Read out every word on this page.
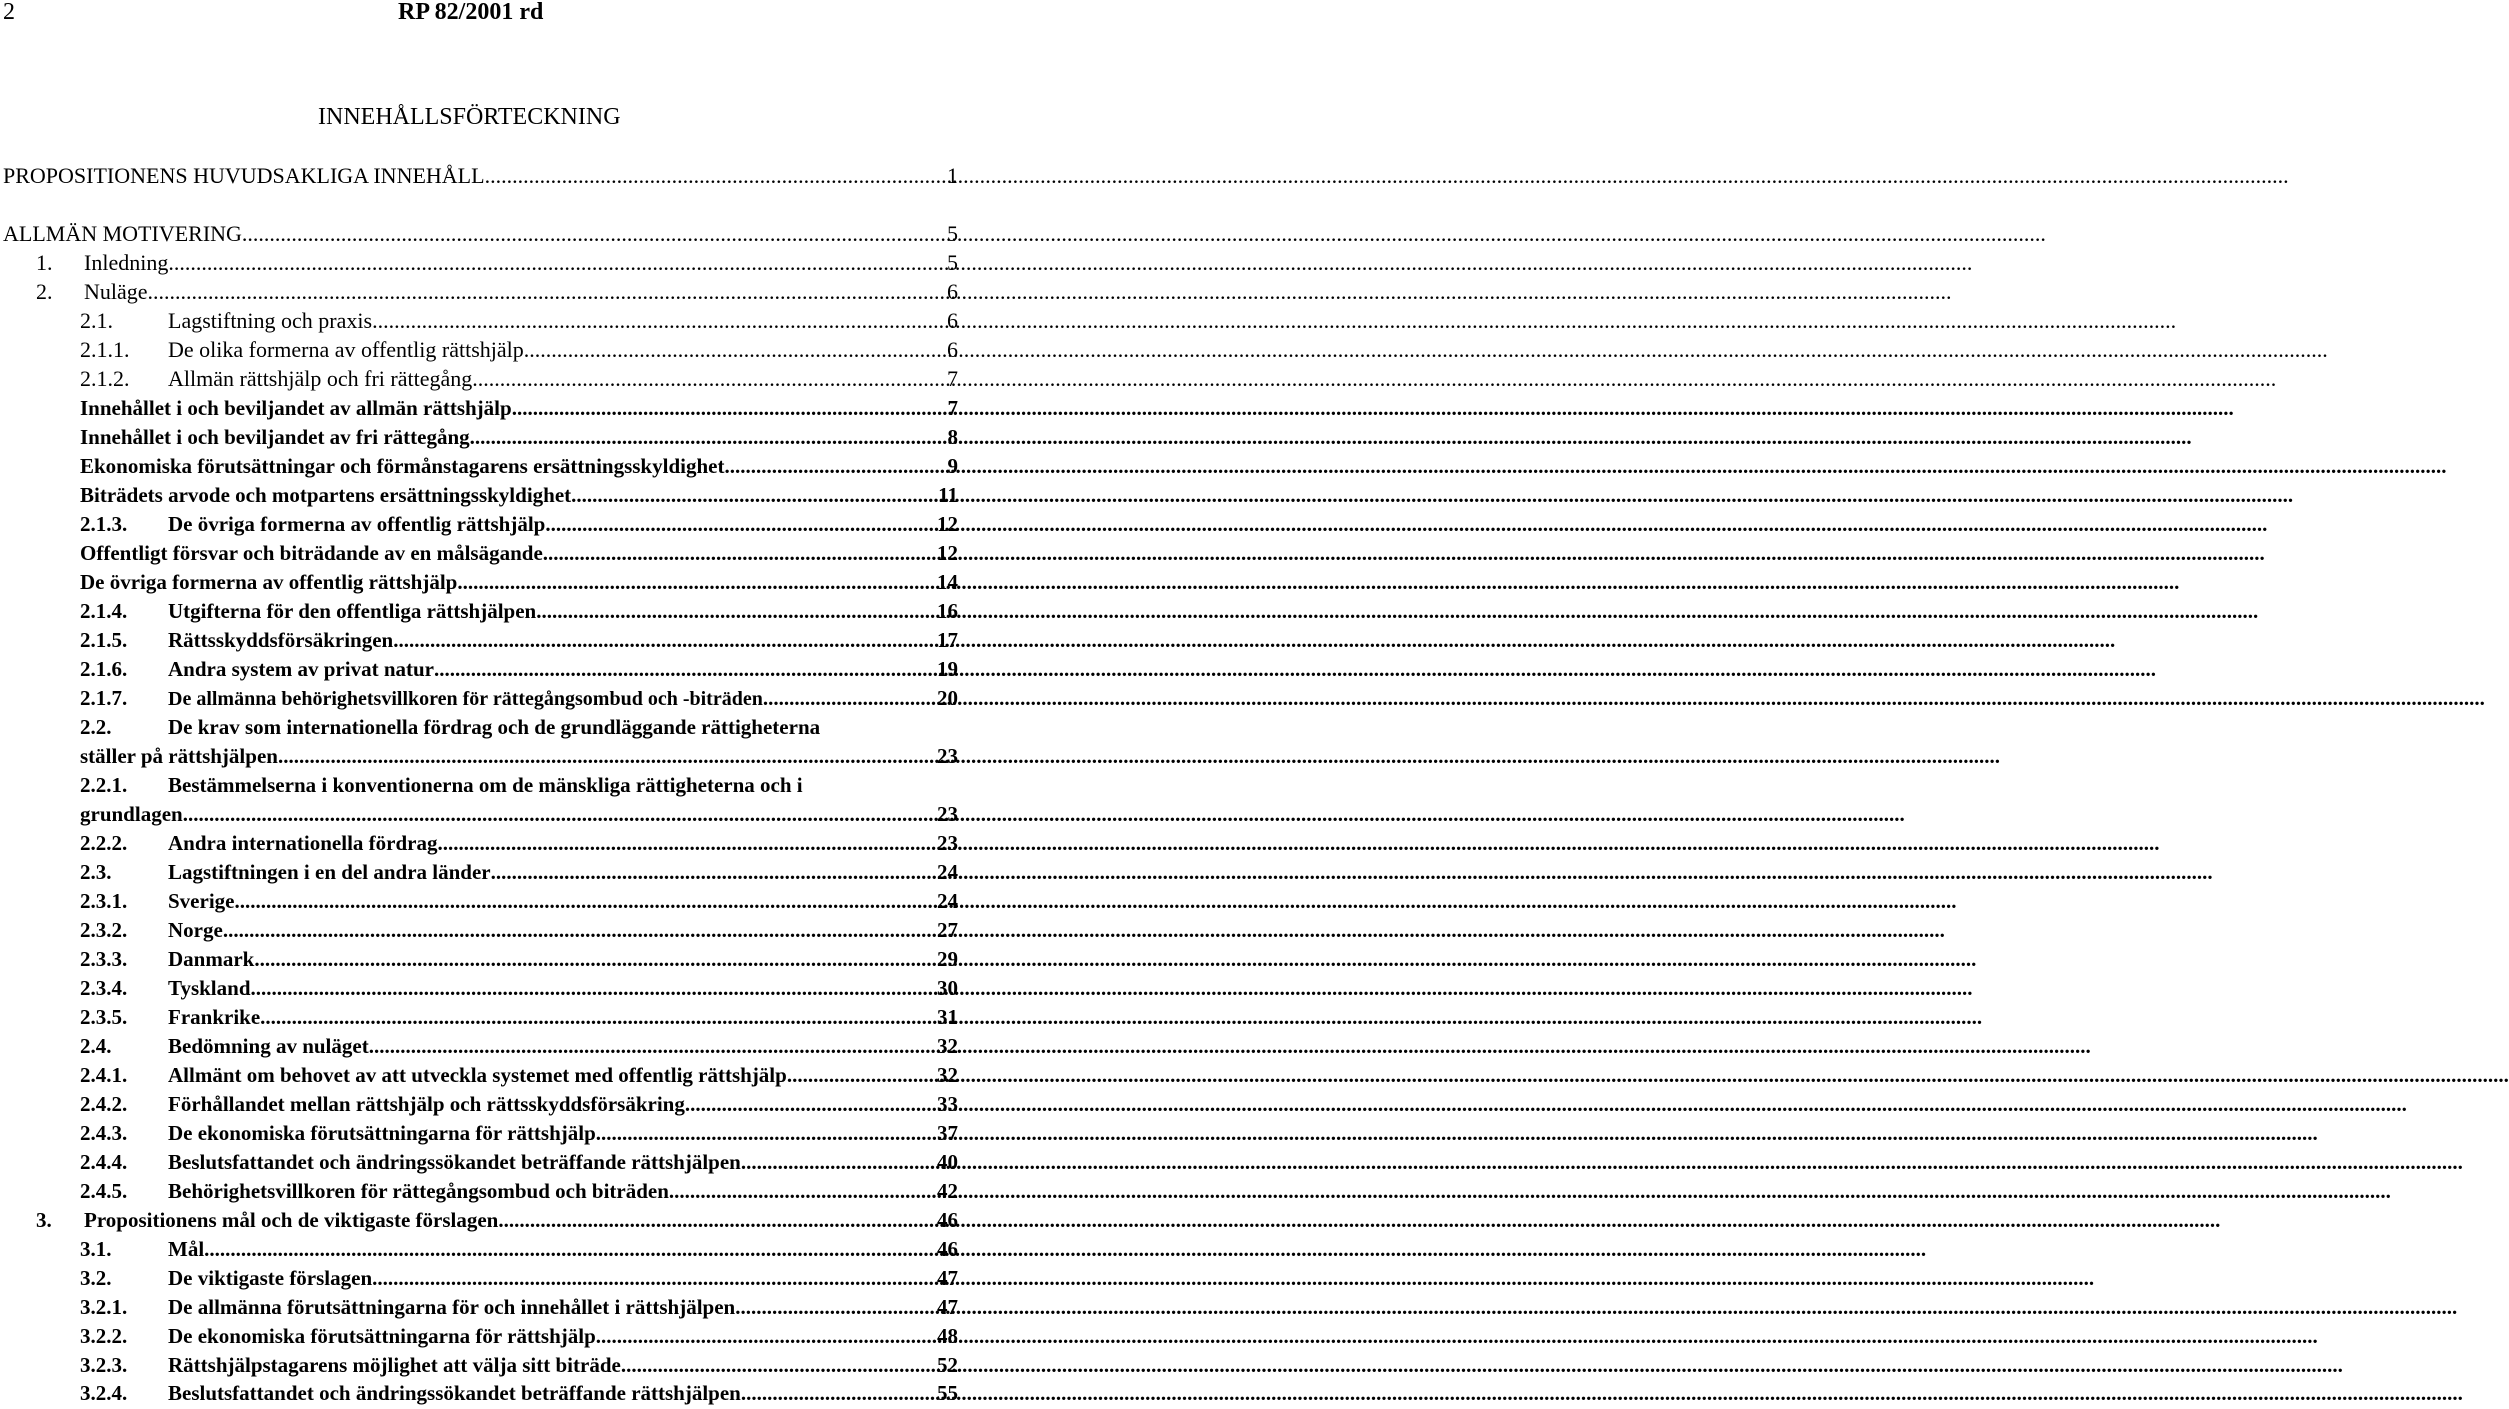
2	RP 82/2001 rd
INNEHÅLLSFÖRTECKNING
PROPOSITIONENS HUVUDSAKLIGA INNEHÅLL .....	1
ALLMÄN MOTIVERING .....	5
1.	Inledning .....	5
2.	Nuläge .....	6
2.1.	Lagstiftning och praxis .....	6
2.1.1.	De olika formerna av offentlig rättshjälp .....	6
2.1.2.	Allmän rättshjälp och fri rättegång .....	7
Innehållet i och beviljandet av allmän rättshjälp .....	7
Innehållet i och beviljandet av fri rättegång .....	8
Ekonomiska förutsättningar och förmånstagarens ersättningsskyldighet .....	9
Biträdets arvode och motpartens ersättningsskyldighet .....	11
2.1.3.	De övriga formerna av offentlig rättshjälp .....	12
Offentligt försvar och biträdande av en målsägande .....	12
De övriga formerna av offentlig rättshjälp .....	14
2.1.4.	Utgifterna för den offentliga rättshjälpen .....	16
2.1.5.	Rättsskyddsförsäkringen .....	17
2.1.6.	Andra system av privat natur .....	19
2.1.7.	De allmänna behörighetsvillkoren för rättegångsombud och -biträden .....	20
2.2.	De krav som internationella fördrag och de grundläggande rättigheterna
ställer på rättshjälpen .....	23
2.2.1.	Bestämmelserna i konventionerna om de mänskliga rättigheterna och i
grundlagen .....	23
2.2.2.	Andra internationella fördrag .....	23
2.3.	Lagstiftningen i en del andra länder .....	24
2.3.1.	Sverige .....	24
2.3.2.	Norge .....	27
2.3.3.	Danmark .....	29
2.3.4.	Tyskland .....	30
2.3.5.	Frankrike .....	31
2.4.	Bedömning av nuläget .....	32
2.4.1.	Allmänt om behovet av att utveckla systemet med offentlig rättshjälp .....	32
2.4.2.	Förhållandet mellan rättshjälp och rättsskyddsförsäkring .....	33
2.4.3.	De ekonomiska förutsättningarna för rättshjälp .....	37
2.4.4.	Beslutsfattandet och ändringssökandet beträffande rättshjälpen .....	40
2.4.5.	Behörighetsvillkoren för rättegångsombud och biträden .....	42
3.	Propositionens mål och de viktigaste förslagen .....	46
3.1.	Mål .....	46
3.2.	De viktigaste förslagen .....	47
3.2.1.	De allmänna förutsättningarna för och innehållet i rättshjälpen .....	47
3.2.2.	De ekonomiska förutsättningarna för rättshjälp .....	48
3.2.3.	Rättshjälpstagarens möjlighet att välja sitt biträde .....	52
3.2.4.	Beslutsfattandet och ändringssökandet beträffande rättshjälpen .....	55
